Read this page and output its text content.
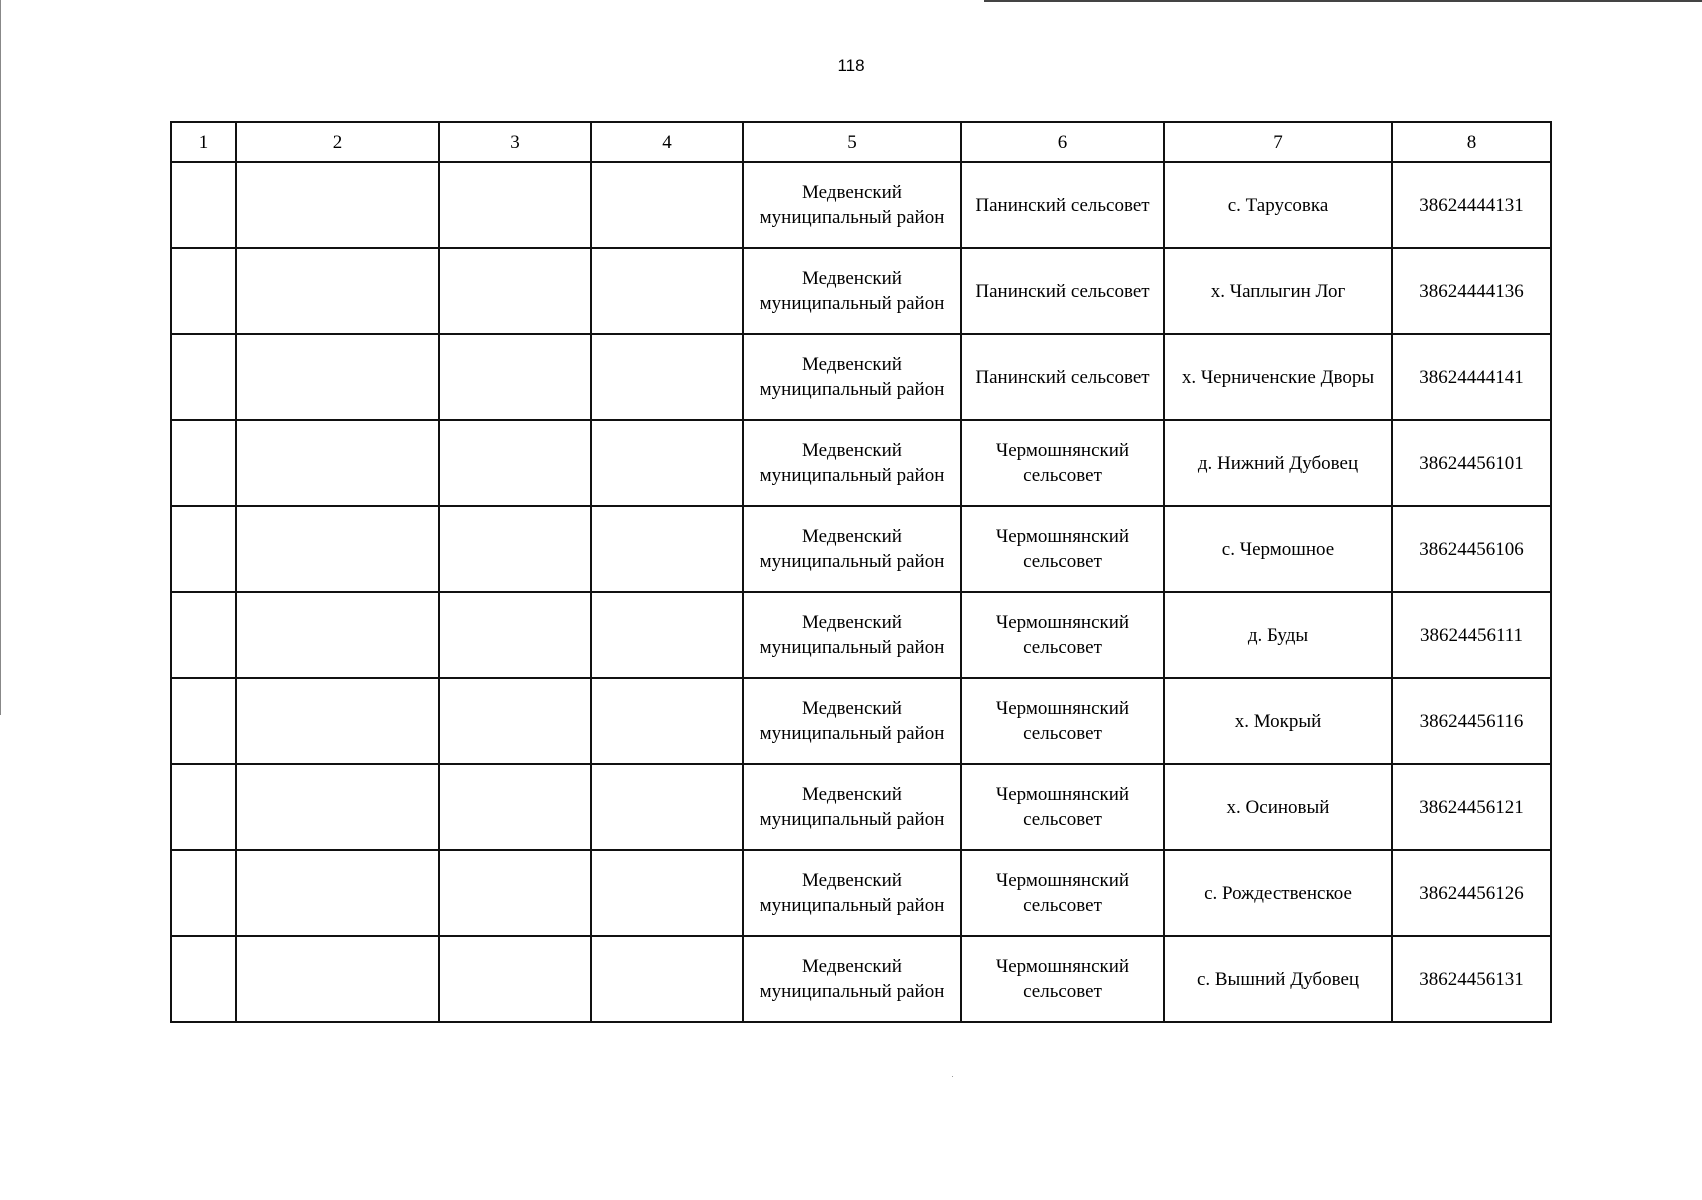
118
1	2	3	4	5	6	7	8
				Медвенский муниципальный район	Панинский сельсовет	с. Тарусовка	38624444131
				Медвенский муниципальный район	Панинский сельсовет	х. Чаплыгин Лог	38624444136
				Медвенский муниципальный район	Панинский сельсовет	х. Черниченские Дворы	38624444141
				Медвенский муниципальный район	Чермошнянский сельсовет	д. Нижний Дубовец	38624456101
				Медвенский муниципальный район	Чермошнянский сельсовет	с. Чермошное	38624456106
				Медвенский муниципальный район	Чермошнянский сельсовет	д. Буды	38624456111
				Медвенский муниципальный район	Чермошнянский сельсовет	х. Мокрый	38624456116
				Медвенский муниципальный район	Чермошнянский сельсовет	х. Осиновый	38624456121
				Медвенский муниципальный район	Чермошнянский сельсовет	с. Рождественское	38624456126
				Медвенский муниципальный район	Чермошнянский сельсовет	с. Вышний Дубовец	38624456131
